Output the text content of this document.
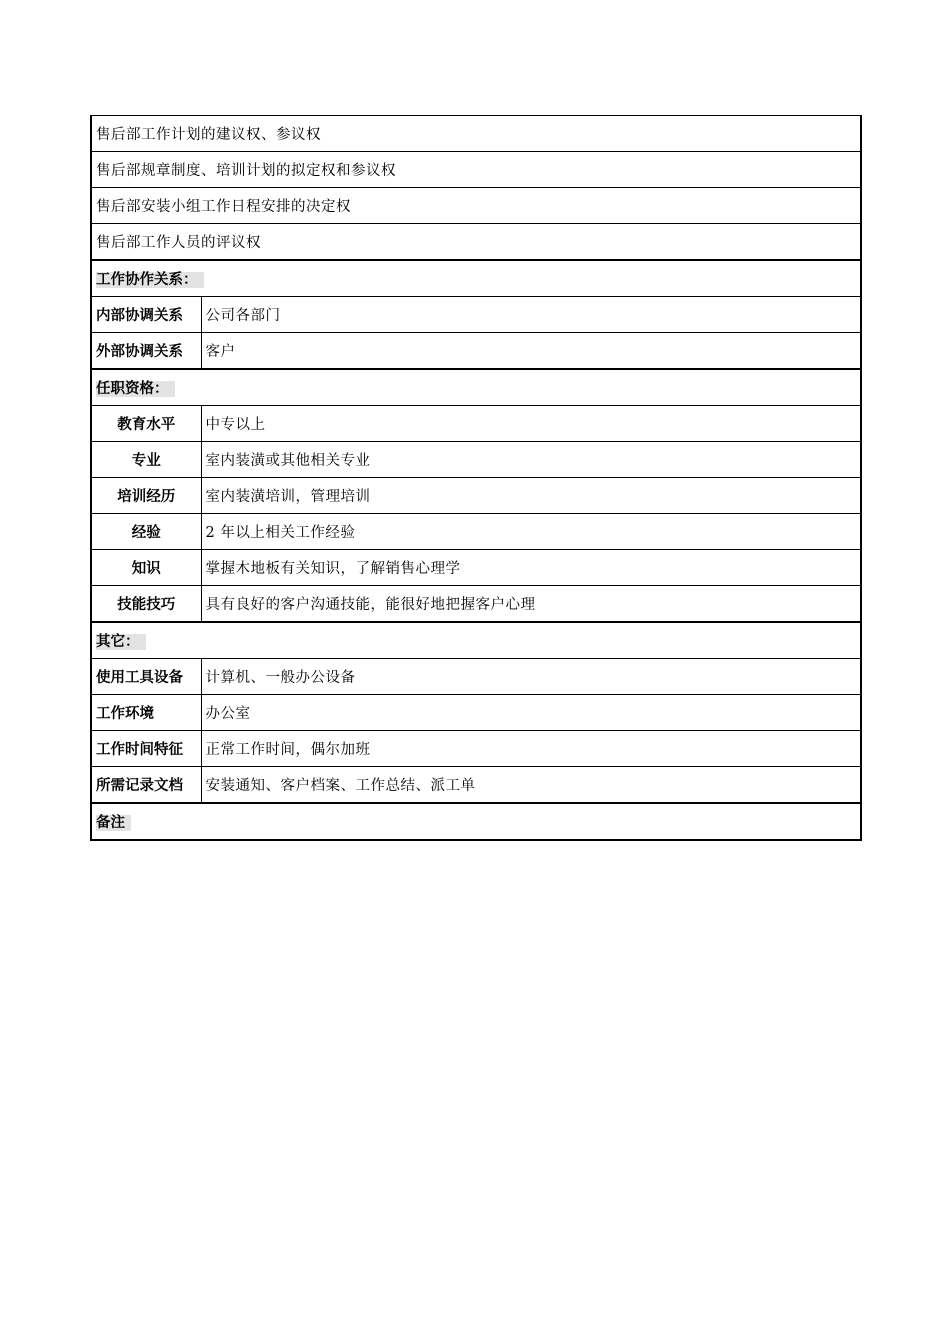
售后部工作计划的建议权、参议权	
售后部规章制度、培训计划的拟定权和参议权	
售后部安装小组工作日程安排的决定权	
售后部工作人员的评议权	
工作协作关系：	
内部协调关系	公司各部门
外部协调关系	客户
任职资格：	
教育水平	中专以上
专业	室内装潢或其他相关专业
培训经历	室内装潢培训，管理培训
经验	2 年以上相关工作经验
知识	掌握木地板有关知识，了解销售心理学
技能技巧	具有良好的客户沟通技能，能很好地把握客户心理
其它：	
使用工具设备	计算机、一般办公设备
工作环境	办公室
工作时间特征	正常工作时间，偶尔加班
所需记录文档	安装通知、客户档案、工作总结、派工单
备注	
